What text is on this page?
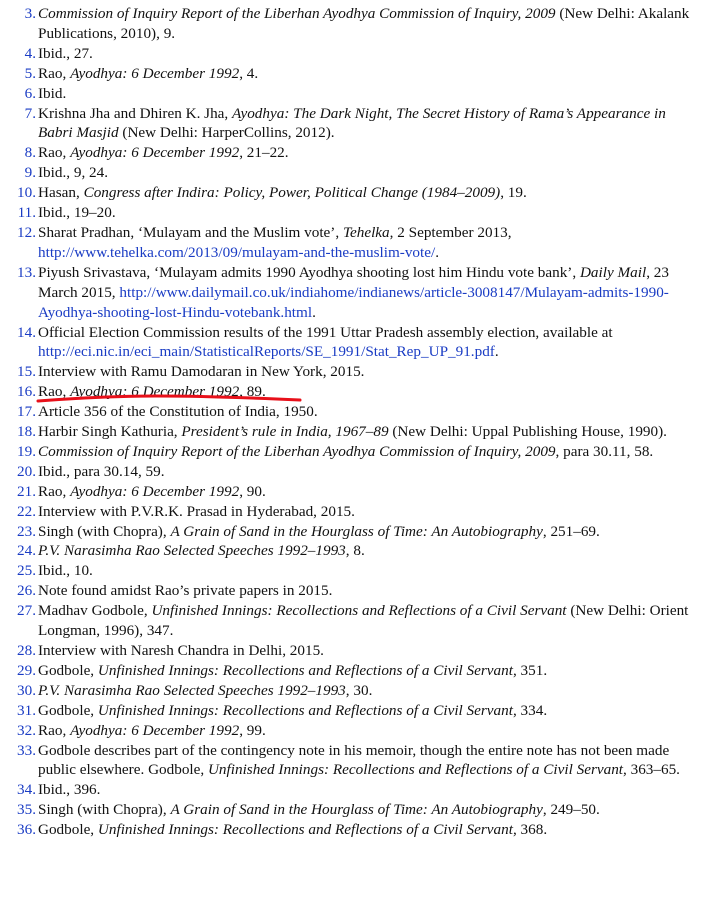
3. Commission of Inquiry Report of the Liberhan Ayodhya Commission of Inquiry, 2009 (New Delhi: Akalank Publications, 2010), 9.
4. Ibid., 27.
5. Rao, Ayodhya: 6 December 1992, 4.
6. Ibid.
7. Krishna Jha and Dhiren K. Jha, Ayodhya: The Dark Night, The Secret History of Rama’s Appearance in Babri Masjid (New Delhi: HarperCollins, 2012).
8. Rao, Ayodhya: 6 December 1992, 21–22.
9. Ibid., 9, 24.
10. Hasan, Congress after Indira: Policy, Power, Political Change (1984–2009), 19.
11. Ibid., 19–20.
12. Sharat Pradhan, ‘Mulayam and the Muslim vote’, Tehelka, 2 September 2013, http://www.tehelka.com/2013/09/mulayam-and-the-muslim-vote/.
13. Piyush Srivastava, ‘Mulayam admits 1990 Ayodhya shooting lost him Hindu vote bank’, Daily Mail, 23 March 2015, http://www.dailymail.co.uk/indiahome/indianews/article-3008147/Mulayam-admits-1990-Ayodhya-shooting-lost-Hindu-votebank.html.
14. Official Election Commission results of the 1991 Uttar Pradesh assembly election, available at http://eci.nic.in/eci_main/StatisticalReports/SE_1991/Stat_Rep_UP_91.pdf.
15. Interview with Ramu Damodaran in New York, 2015.
16. Rao, Ayodhya: 6 December 1992, 89.
17. Article 356 of the Constitution of India, 1950.
18. Harbir Singh Kathuria, President’s rule in India, 1967–89 (New Delhi: Uppal Publishing House, 1990).
19. Commission of Inquiry Report of the Liberhan Ayodhya Commission of Inquiry, 2009, para 30.11, 58.
20. Ibid., para 30.14, 59.
21. Rao, Ayodhya: 6 December 1992, 90.
22. Interview with P.V.R.K. Prasad in Hyderabad, 2015.
23. Singh (with Chopra), A Grain of Sand in the Hourglass of Time: An Autobiography, 251–69.
24. P.V. Narasimha Rao Selected Speeches 1992–1993, 8.
25. Ibid., 10.
26. Note found amidst Rao’s private papers in 2015.
27. Madhav Godbole, Unfinished Innings: Recollections and Reflections of a Civil Servant (New Delhi: Orient Longman, 1996), 347.
28. Interview with Naresh Chandra in Delhi, 2015.
29. Godbole, Unfinished Innings: Recollections and Reflections of a Civil Servant, 351.
30. P.V. Narasimha Rao Selected Speeches 1992–1993, 30.
31. Godbole, Unfinished Innings: Recollections and Reflections of a Civil Servant, 334.
32. Rao, Ayodhya: 6 December 1992, 99.
33. Godbole describes part of the contingency note in his memoir, though the entire note has not been made public elsewhere. Godbole, Unfinished Innings: Recollections and Reflections of a Civil Servant, 363–65.
34. Ibid., 396.
35. Singh (with Chopra), A Grain of Sand in the Hourglass of Time: An Autobiography, 249–50.
36. Godbole, Unfinished Innings: Recollections and Reflections of a Civil Servant, 368.
